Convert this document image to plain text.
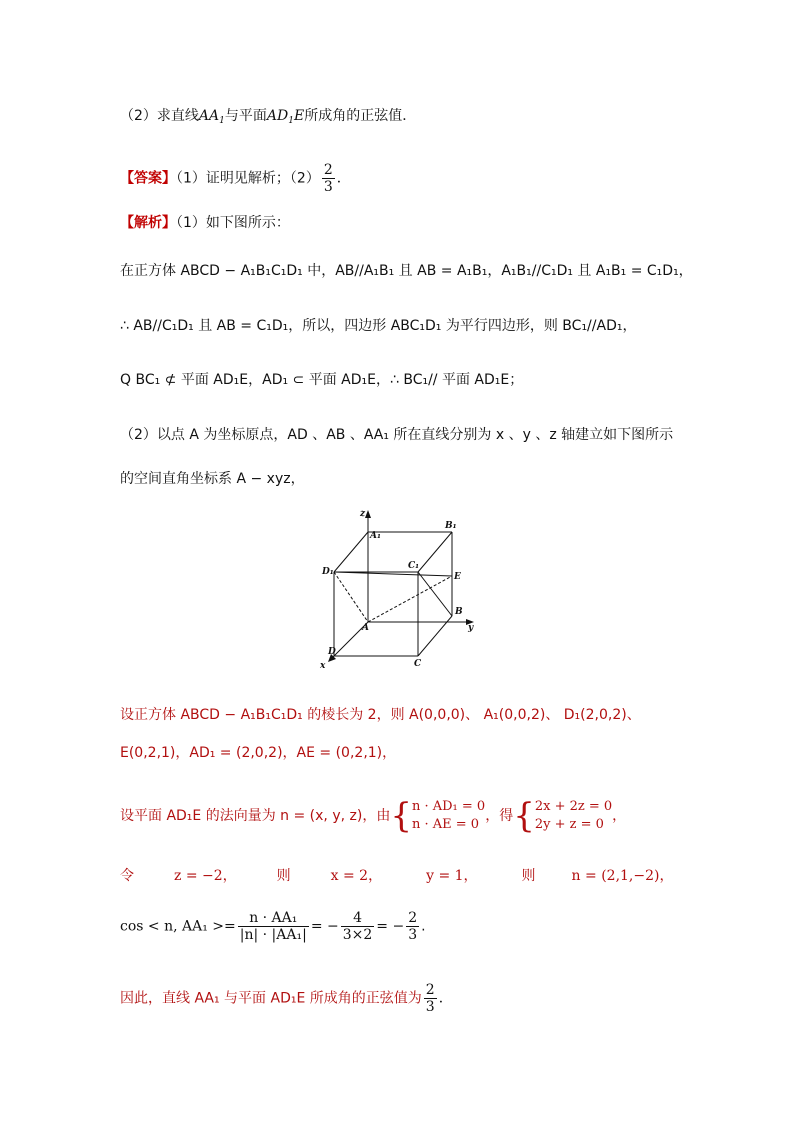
（2）求直线$AA_1$与平面$AD_1E$所成角的正弦值．
【答案】（1）证明见解析；$(2) \frac{2}{3}$ ．
【解析】（1）如下图所示：
在正方体 ABCD − A₁B₁C₁D₁ 中，AB//A₁B₁ 且 AB = A₁B₁，A₁B₁//C₁D₁ 且 A₁B₁ = C₁D₁，
∴ AB//C₁D₁ 且 AB = C₁D₁，所以，四边形 ABC₁D₁ 为平行四边形，则 BC₁//AD₁，
Q BC₁ ⊄ 平面 AD₁E，AD₁ ⊂ 平面 AD₁E，∴ BC₁// 平面 AD₁E；
（2）以点 A 为坐标原点，AD 、AB 、AA₁ 所在直线分别为 x 、y 、z 轴建立如下图所示
的空间直角坐标系 A − xyz，
z
A₁
B₁
D₁
C₁
E
A
B
y
D
C
x
设正方体 ABCD − A₁B₁C₁D₁ 的棱长为 2，则 A(0,0,0)、 A₁(0,0,2)、 D₁(2,0,2)、
E(0,2,1)，AD₁ = (2,0,2)，AE = (0,2,1)，
设平面 AD₁E 的法向量为 n = (x, y, z)，由{n · AD₁ = 0
n · AE = 0，得{2x + 2z = 0
2y + z = 0，
令	z = −2，	则	x = 2，	y = 1，	则	n = (2,1,−2)，
cos < n, $AA_1 >= \frac{\text{n · AA₁}}{\text{|n| · |AA₁|}}$ = − $\frac{4}{3\times 2}$ = − $\frac{2}{3}$ .
因此，直线 AA₁ 与平面 AD₁E 所成角的正弦值为 $\frac{2}{3}$ ．
